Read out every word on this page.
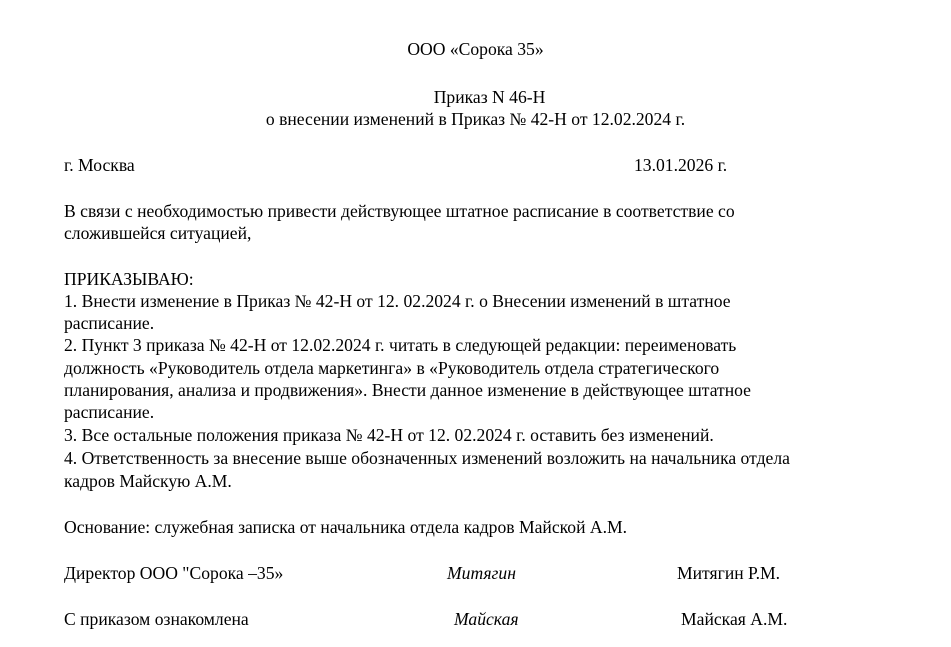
ООО «Сорока 35»
Приказ N 46-Н
о внесении изменений в Приказ № 42-Н от 12.02.2024 г.
г. Москва	13.01.2026 г.
В связи с необходимостью привести действующее штатное расписание в соответствие со
сложившейся ситуацией,
ПРИКАЗЫВАЮ:
1. Внести изменение в Приказ № 42-Н от 12. 02.2024 г. о Внесении изменений в штатное
расписание.
2. Пункт 3 приказа № 42-Н от 12.02.2024 г. читать в следующей редакции: переименовать
должность «Руководитель отдела маркетинга» в «Руководитель отдела стратегического
планирования, анализа и продвижения». Внести данное изменение в действующее штатное
расписание.
3. Все остальные положения приказа № 42-Н от 12. 02.2024 г. оставить без изменений.
4. Ответственность за внесение выше обозначенных изменений возложить на начальника отдела
кадров Майскую А.М.
Основание: служебная записка от начальника отдела кадров Майской А.М.
Директор ООО "Сорока –35»	Митягин	Митягин Р.М.
С приказом ознакомлена	Майская	Майская А.М.
